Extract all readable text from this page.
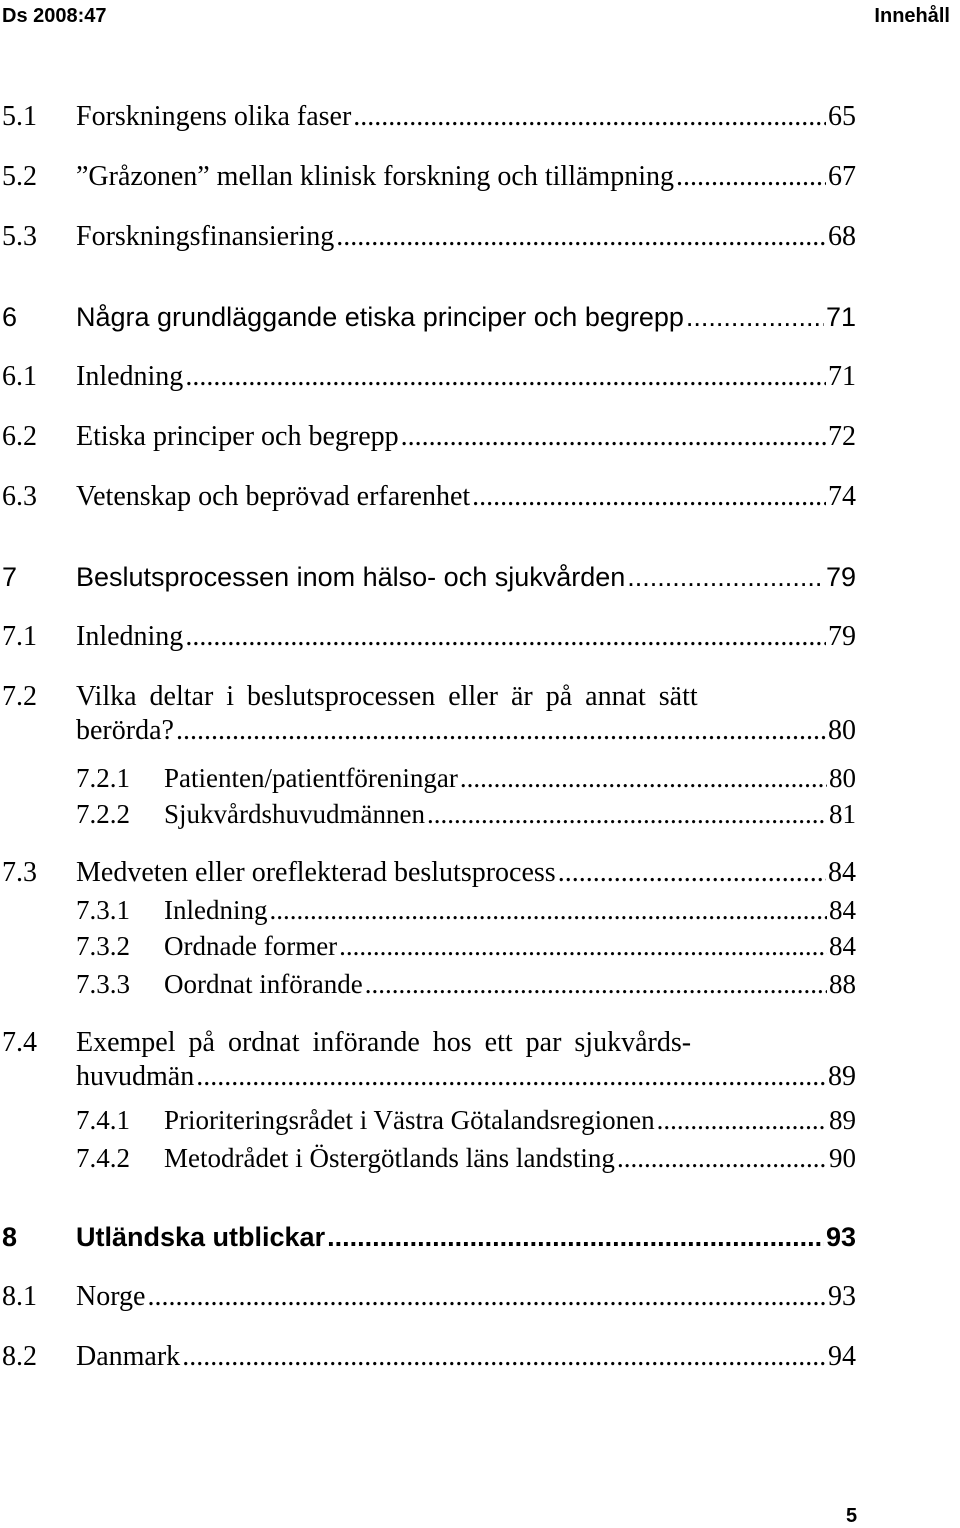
Ds 2008:47	Innehåll
5.1 Forskningens olika faser .....	65
5.2 ”Gråzonen” mellan klinisk forskning och tillämpning .....	67
5.3 Forskningsfinansiering .....	68
6 Några grundläggande etiska principer och begrepp .....	71
6.1 Inledning .....	71
6.2 Etiska principer och begrepp .....	72
6.3 Vetenskap och beprövad erfarenhet .....	74
7 Beslutsprocessen inom hälso- och sjukvården .....	79
7.1 Inledning .....	79
7.2 Vilka deltar i beslutsprocessen eller är på annat sätt
berörda? .....	80
7.2.1 Patienten/patientföreningar .....	80
7.2.2 Sjukvårdshuvudmännen .....	81
7.3 Medveten eller oreflekterad beslutsprocess .....	84
7.3.1 Inledning .....	84
7.3.2 Ordnade former .....	84
7.3.3 Oordnat införande .....	88
7.4 Exempel på ordnat införande hos ett par sjukvårds-
huvudmän .....	89
7.4.1 Prioriteringsrådet i Västra Götalandsregionen .....	89
7.4.2 Metodrådet i Östergötlands läns landsting .....	90
8 Utländska utblickar .....	93
8.1 Norge .....	93
8.2 Danmark .....	94
5
